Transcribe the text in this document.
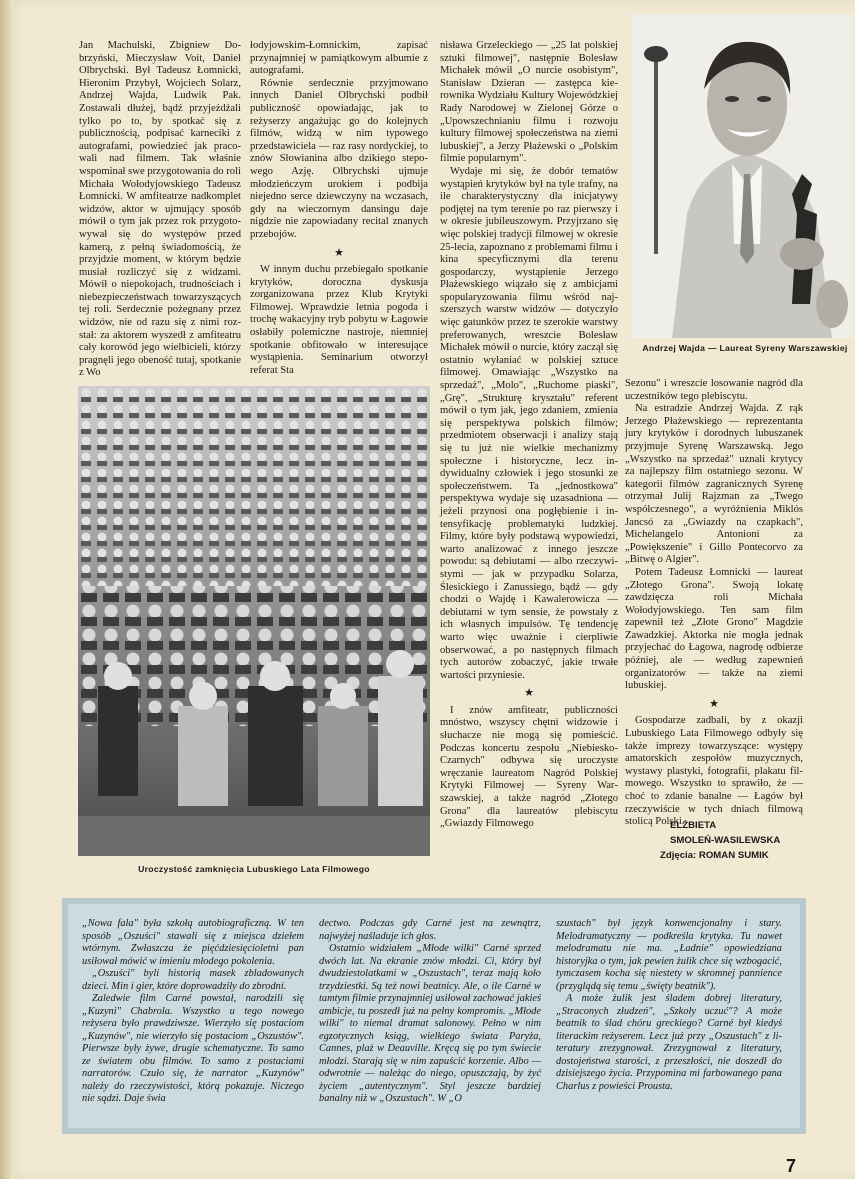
Jan Machulski, Zbigniew Dobrzyński, Mieczysław Voit, Daniel Olbrychski. Był Tadeusz Łomnicki, Hieronim Przybył, Wojciech Solarz, Andrzej Wajda, Ludwik Pak. Zostawali dłużej, bądź przyjeżdżali tylko po to, by spotkać się z publicznością, podpisać karnecikі z autografami, powiedzieć jak pracowali nad filmem. Tak właśnie wspominał swe przygotowania do roli Michała Wołodyjowskiego Tadeusz Łomnicki. W amfiteatrze nadkomplet widzów, aktor w ujmujący sposób mówił o tym jak przez rok przygotowywał się do występów przed kamerą, z pełną świadomością, że przyjdzie moment, w którym będzie musiał rozliczyć się z widzami. Mówił o niepokojach, trudnościach i niebezpieczeństwach towarzyszących tej roli. Serdecznie pożegnany przez widzów, nie od razu się z nimi rozstał: za aktorem wyszedł z amfiteatru cały korowód jego wielbicieli, którzy pragnęli jego obeność tutaj, spotkanie z Wo

łodyjowskim-Łomnickim, zapisać przynajmniej w pamiątkowym albumie z autografami.

Równie serdecznie przyjmowano innych Daniel Olbrychski podbił publiczność opowiadając, jak to reżyserzy angażując go do kolejnych filmów, widzą w nim typowego przedstawiciela — raz rasy nordyckiej, to znów Słowianina albo dzikiego stepowego Azję. Olbrychski ujmuje młodzieńczym urokiem i podbija niejedno serce dziewczyny na wczasach, gdy na wieczornym dansingu daje nigdzie nie zapowiadany recital znanych przebojów.

★

W innym duchu przebiegało spotkanie krytyków, doroczna dyskusja zorganizowana przez Klub Krytyki Filmowej. Wprawdzie letnia pogoda i trochę wakacyjny tryb pobytu w Łagowie osłabiły polemiczne nastroje, niemniej spotkanie obfitowało w interesujące wystąpienia. Seminarium otworzył referat Sta

nisława Grzeleckiego — „25 lat polskiej sztuki filmowej", następnie Bolesław Michałek mówił „O nurcie osobistym", Stanisław Dzieran — zastępca kierownika Wydziału Kultury Wojewódzkiej Rady Narodowej w Zielonej Górze o „Upowszechnianiu filmu i rozwoju kultury filmowej społeczeństwa na ziemi lubuskiej", a Jerzy Płażewski o „Polskim filmie popularnym".

Wydaje mi się, że dobór tematów wystąpień krytyków był na tyle trafny, na ile charakterystyczny dla inicjatywy podjętej na tym terenie po raz pierwszy i w okresie jubileuszowym. Przyjrzano się więc polskiej tradycji filmowej w okresie 25-lecia, zapoznano z problemami filmu i kina specyficznymi dla terenu gospodarczy, wystąpienie Jerzego Płażewskiego wiązało się z ambicjami spopularyzowania filmu wśród najszerszych warstw widzów — dotyczyło więc gatunków przez te szerokie warstwy preferowanych, wreszcie Bolesław Michałek mówił o nurcie, który zaczął się ostatnio wyłaniać w polskiej sztuce filmowej. Omawiając „Wszystko na sprzedaż", „Molo", „Ruchome piaski", „Grę", „Strukturę kryształu" referent mówił o tym jak, jego zdaniem, zmienia się perspektywa polskich filmów; przedmiotem obserwacji i analizy stają się tu już nie wielkie mechanizmy społeczne i historyczne, lecz indywidualny człowiek i jego stosunki ze społeczeństwem. Ta „jednostkowa" perspektywa wydaje się uzasadniona — jeżeli przynosi ona pogłębienie i intensyfikację problematyki ludzkiej. Filmy, które były podstawą wypowiedzi, warto analizować z innego jeszcze powodu: są debiutami — albo rzeczywistymi — jak w przypadku Solarza, Ślesickiego i Zanussiego, bądź — gdy chodzi o Wajdę i Kawalerowicza — debiutami w tym sensie, że powstały z ich własnych impulsów. Tę tendencję warto więc uważnie i cierpliwie obserwować, a po następnych filmach tych autorów zobaczyć, jakie trwałe wartości przyniesie.

★

I znów amfiteatr, publiczności mnóstwo, wszyscy chętni widzowie i słuchacze nie mogą się pomieścić. Podczas koncertu zespołu „Niebiesko-Czarnych" odbywa się uroczyste wręczanie laureatom Nagród Polskiej Krytyki Filmowej — Syreny Warszawskiej, a także nagród „Złotego Grona" dla laureatów plebiscytu „Gwiazdy Filmowego

Andrzej Wajda — Laureat Syreny Warszawskiej
Uroczystość zamknięcia Lubuskiego Lata Filmowego

Sezonu" i wreszcie losowanie nagród dla uczestników tego plebiscytu.

Na estradzie Andrzej Wajda. Z rąk Jerzego Płażewskiego — reprezentanta jury krytyków i dorodnych lubuszanek przyjmuje Syrenę Warszawską. Jego „Wszystko na sprzedaż" uznali krytycy za najlepszy film ostatniego sezonu. W kategorii filmów zagranicznych Syrenę otrzymał Julij Rajzman za „Twego współczesnego", a wyróżnienia Miklós Jancsó za „Gwiazdy na czapkach", Michelangelo Antonioni za „Powiększenie" i Gillo Pontecorvo za „Bitwę o Algier".

Potem Tadeusz Łomnicki — laureat „Złotego Grona". Swoją lokatę zawdzięcza roli Michała Wołodyjowskiego. Ten sam film zapewnił też „Złote Grono" Magdzie Zawadzkiej. Aktorka nie mogła jednak przyjechać do Łagowa, nagrodę odbierze później, ale — według zapewnień organizatorów — także na ziemi lubuskiej.

★

Gospodarze zadbali, by z okazji Lubuskiego Lata Filmowego odbyły się także imprezy towarzyszące: występy amatorskich zespołów muzycznych, wystawy plastyki, fotografii, plakatu filmowego. Wszystko to sprawiło, że — choć to zdanie banalne — Łagów był rzeczywiście w tych dniach filmową stolicą Polski.

ELŻBIETA
SMOLEŃ-WASILEWSKA
Zdjęcia: ROMAN SUMIK

„Nowa fala" była szkołą autobiograficzną. W ten sposób „Oszuści" stawali się z miejsca dziełem wtórnym. Zwłaszcza że pięćdziesięcioletni pan usiłował mówić w imieniu młodego pokolenia.

„Oszuści" byli historią masek zbladowanych dzieci. Min i gier, które doprowadziły do zbrodni.

Zaledwie film Carné powstał, narodzili się „Kuzyni" Chabrola. Wszystko u tego nowego reżysera było prawdziwsze. Wierzyło się postaciom „Kuzynów", nie wierzyło się postaciom „Oszustów". Pierwsze były żywe, drugie schematyczne. To samo ze światem obu filmów. To samo z postaciami narratorów. Czuło się, że narrator „Kuzynów" należy do rzeczywistości, którą pokazuje. Niczego nie sądzi. Daje świa

dectwo. Podczas gdy Carné jest na zewnątrz, najwyżej naśladuje ich głos.

Ostatnio widziałem „Młode wilki" Carné sprzed dwóch lat. Na ekranie znów młodzi. Ci, który był dwudziestolatkami w „Oszustach", teraz mają koło trzydziestki. Są też nowi beatnicy. Ale, o ile Carné w tamtym filmie przynajmniej usiłował zachować jakieś ambicje, tu poszedł już na pełny kompromis. „Młode wilki" to niemal dramat salonowy. Pełno w nim egzotycznych ksiąg, wielkiego świata Paryża, Cannes, plaż w Deauville. Kręcą się po tym świecie młodzi. Starają się w nim zapuścić korzenie. Albo — odwrotnie — należąc do niego, opuszczają, by żyć życiem „autentycznym". Styl jeszcze bardziej banalny niż w „Oszustach". W „O

szustach" był język konwencjonalny i stary. Melodramatyczny — podkreśla krytyka. Tu nawet melodramatu nie ma. „Ładnie" opowiedziana historyjka o tym, jak pewien żulik chce się wzbogacić, tymczasem kocha się niestety w skromnej pannience (przyglądą się temu „święty beatnik").

A może żulik jest śladem dobrej literatury, „Straconych złudzeń", „Szkoły uczuć"? A może beatnik to ślad chóru greckiego? Carné był kiedyś literackim reżyserem. Lecz już przy „Oszustach" z literatury zrezygnował. Zrezygnował z literatury, dostojeństwa starości, z przeszłości, nie doszedł do dzisiejszego życia. Przypomina mi farbowanego pana Charlus z powieści Prousta.

7
